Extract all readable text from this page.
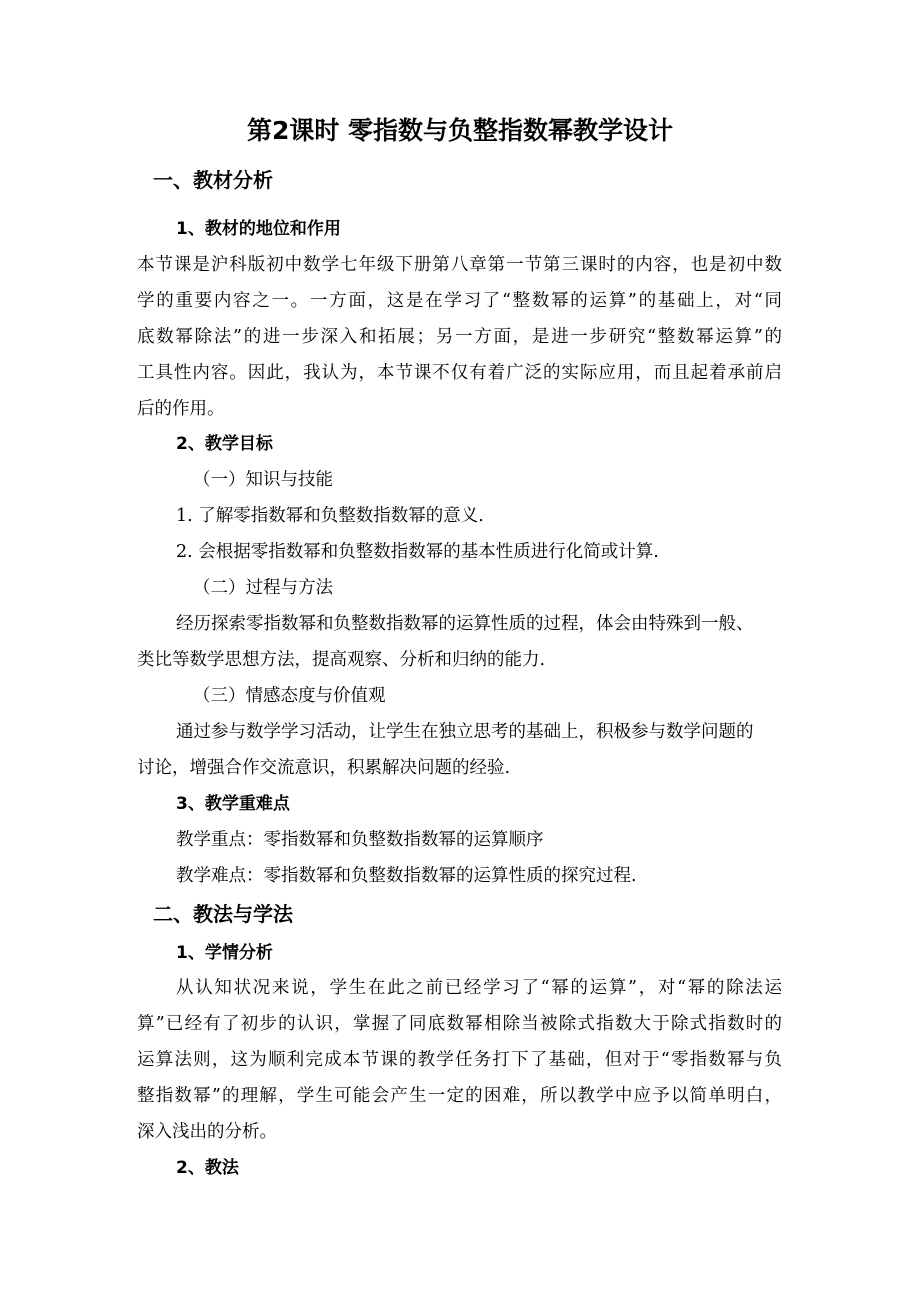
第2课时 零指数与负整指数幂教学设计
一、教材分析
1、教材的地位和作用
本节课是沪科版初中数学七年级下册第八章第一节第三课时的内容，也是初中数
学的重要内容之一。一方面，这是在学习了“整数幂的运算”的基础上，对“同
底数幂除法”的进一步深入和拓展；另一方面，是进一步研究“整数幂运算”的
工具性内容。因此，我认为，本节课不仅有着广泛的实际应用，而且起着承前启
后的作用。
2、教学目标
（一）知识与技能
1. 了解零指数幂和负整数指数幂的意义.
2. 会根据零指数幂和负整数指数幂的基本性质进行化简或计算.
（二）过程与方法
经历探索零指数幂和负整数指数幂的运算性质的过程，体会由特殊到一般、
类比等数学思想方法，提高观察、分析和归纳的能力.
（三）情感态度与价值观
通过参与数学学习活动，让学生在独立思考的基础上，积极参与数学问题的
讨论，增强合作交流意识，积累解决问题的经验.
3、教学重难点
教学重点：零指数幂和负整数指数幂的运算顺序
教学难点：零指数幂和负整数指数幂的运算性质的探究过程.
二、教法与学法
1、学情分析
从认知状况来说，学生在此之前已经学习了“幂的运算”，对“幂的除法运
算”已经有了初步的认识，掌握了同底数幂相除当被除式指数大于除式指数时的
运算法则，这为顺利完成本节课的教学任务打下了基础，但对于“零指数幂与负
整指数幂”的理解，学生可能会产生一定的困难，所以教学中应予以简单明白，
深入浅出的分析。
2、教法
